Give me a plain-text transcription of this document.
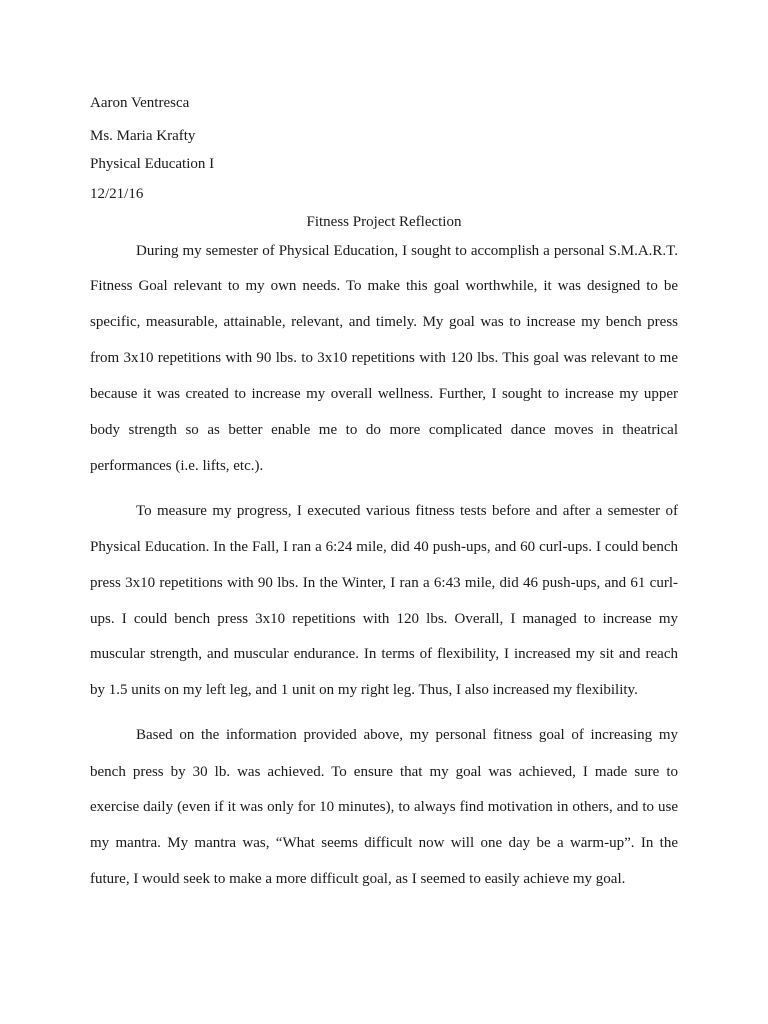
Aaron Ventresca
Ms. Maria Krafty
Physical Education I
12/21/16
Fitness Project Reflection
During my semester of Physical Education, I sought to accomplish a personal S.M.A.R.T.
Fitness Goal relevant to my own needs. To make this goal worthwhile, it was designed to be
specific, measurable, attainable, relevant, and timely. My goal was to increase my bench press
from 3x10 repetitions with 90 lbs. to 3x10 repetitions with 120 lbs. This goal was relevant to me
because it was created to increase my overall wellness. Further, I sought to increase my upper
body strength so as better enable me to do more complicated dance moves in theatrical
performances (i.e. lifts, etc.).
To measure my progress, I executed various fitness tests before and after a semester of
Physical Education. In the Fall, I ran a 6:24 mile, did 40 push-ups, and 60 curl-ups. I could bench
press 3x10 repetitions with 90 lbs. In the Winter, I ran a 6:43 mile, did 46 push-ups, and 61 curl-
ups. I could bench press 3x10 repetitions with 120 lbs. Overall, I managed to increase my
muscular strength, and muscular endurance. In terms of flexibility, I increased my sit and reach
by 1.5 units on my left leg, and 1 unit on my right leg. Thus, I also increased my flexibility.
Based on the information provided above, my personal fitness goal of increasing my
bench press by 30 lb. was achieved. To ensure that my goal was achieved, I made sure to
exercise daily (even if it was only for 10 minutes), to always find motivation in others, and to use
my mantra. My mantra was, “What seems difficult now will one day be a warm-up”. In the
future, I would seek to make a more difficult goal, as I seemed to easily achieve my goal.
